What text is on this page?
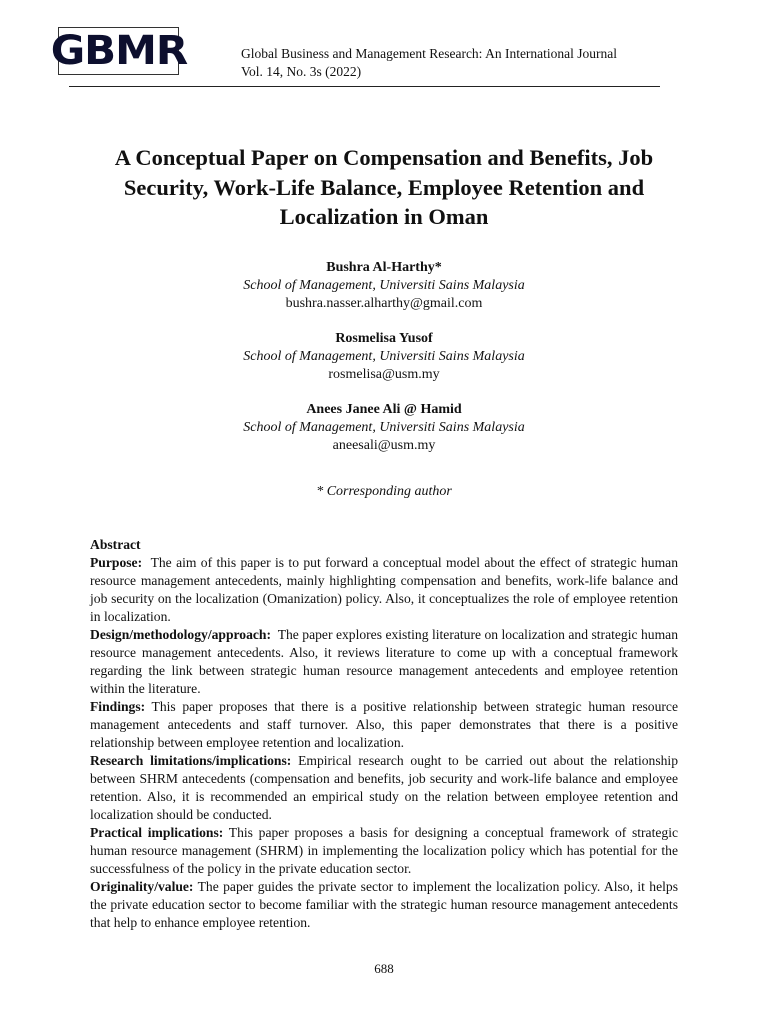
GBMR	Global Business and Management Research: An International Journal
Vol. 14, No. 3s (2022)
A Conceptual Paper on Compensation and Benefits, Job Security, Work-Life Balance, Employee Retention and Localization in Oman
Bushra Al-Harthy*
School of Management, Universiti Sains Malaysia
bushra.nasser.alharthy@gmail.com
Rosmelisa Yusof
School of Management, Universiti Sains Malaysia
rosmelisa@usm.my
Anees Janee Ali @ Hamid
School of Management, Universiti Sains Malaysia
aneesali@usm.my
* Corresponding author
Abstract

Purpose: The aim of this paper is to put forward a conceptual model about the effect of strategic human resource management antecedents, mainly highlighting compensation and benefits, work-life balance and job security on the localization (Omanization) policy. Also, it conceptualizes the role of employee retention in localization.

Design/methodology/approach: The paper explores existing literature on localization and strategic human resource management antecedents. Also, it reviews literature to come up with a conceptual framework regarding the link between strategic human resource management antecedents and employee retention within the literature.

Findings: This paper proposes that there is a positive relationship between strategic human resource management antecedents and staff turnover. Also, this paper demonstrates that there is a positive relationship between employee retention and localization.

Research limitations/implications: Empirical research ought to be carried out about the relationship between SHRM antecedents (compensation and benefits, job security and work-life balance and employee retention. Also, it is recommended an empirical study on the relation between employee retention and localization should be conducted.

Practical implications: This paper proposes a basis for designing a conceptual framework of strategic human resource management (SHRM) in implementing the localization policy which has potential for the successfulness of the policy in the private education sector.

Originality/value: The paper guides the private sector to implement the localization policy. Also, it helps the private education sector to become familiar with the strategic human resource management antecedents that help to enhance employee retention.

688
